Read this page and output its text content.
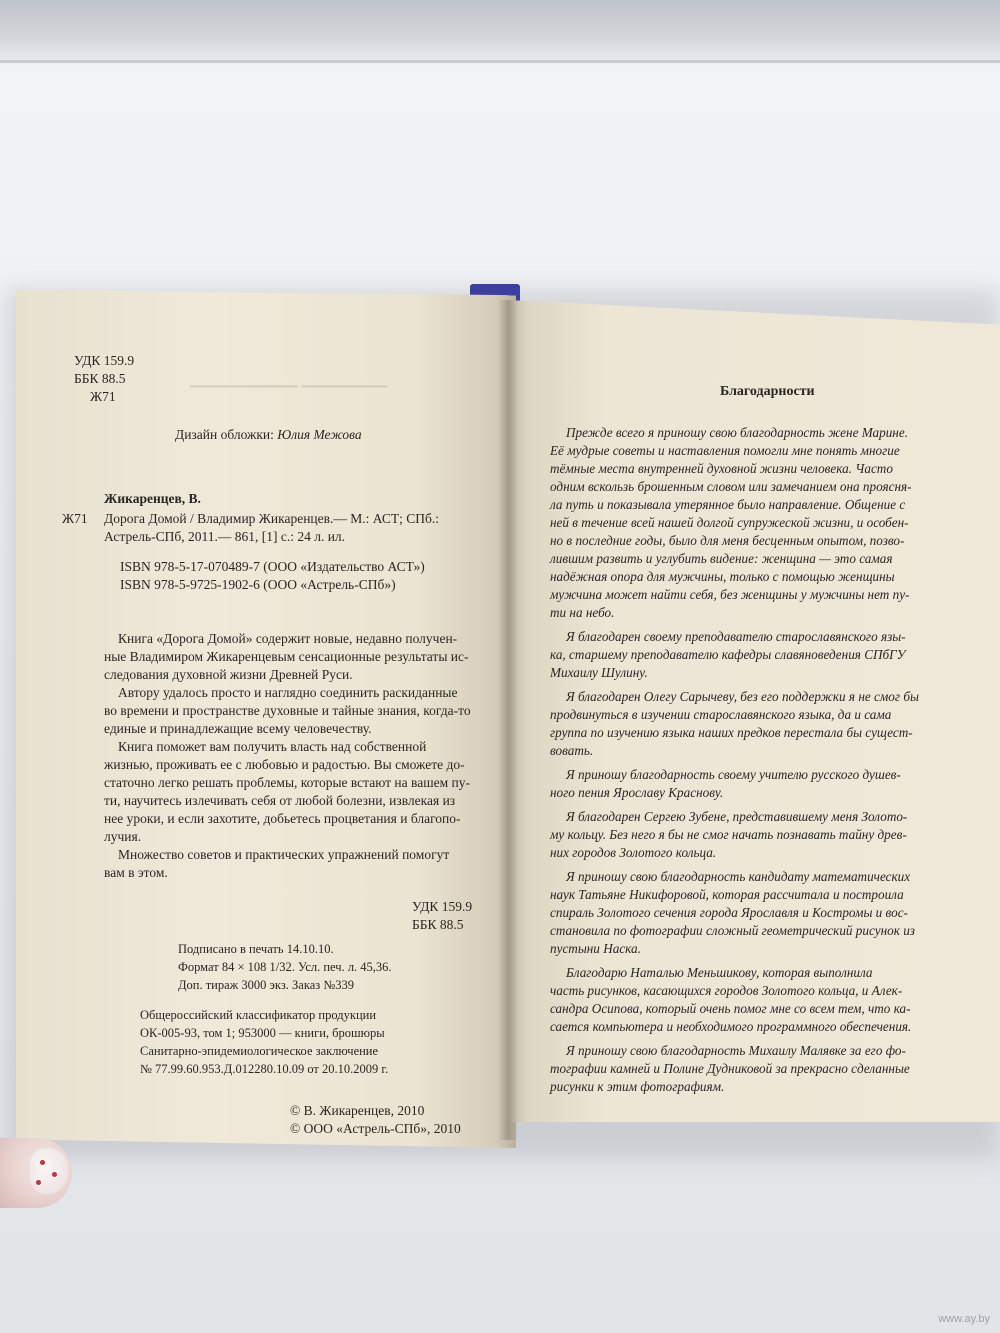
▁▁▁▁▁▁▁▁ ▁▁▁▁▁▁▁▁▁▁
УДК 159.9
ББК 88.5
Ж71
Дизайн обложки: Юлия Межова
Жикаренцев, В.
Ж71 Дорога Домой / Владимир Жикаренцев.— М.: АСТ; СПб.:
Астрель-СПб, 2011.— 861, [1] с.: 24 л. ил.
ISBN 978-5-17-070489-7 (ООО «Издательство АСТ»)
ISBN 978-5-9725-1902-6 (ООО «Астрель-СПб»)
Книга «Дорога Домой» содержит новые, недавно получен-
ные Владимиром Жикаренцевым сенсационные результаты ис-
следования духовной жизни Древней Руси.
Автору удалось просто и наглядно соединить раскиданные
во времени и пространстве духовные и тайные знания, когда-то
единые и принадлежащие всему человечеству.
Книга поможет вам получить власть над собственной
жизнью, проживать ее с любовью и радостью. Вы сможете до-
статочно легко решать проблемы, которые встают на вашем пу-
ти, научитесь излечивать себя от любой болезни, извлекая из
нее уроки, и если захотите, добьетесь процветания и благопо-
лучия.
Множество советов и практических упражнений помогут
вам в этом.
УДК 159.9
ББК 88.5
Подписано в печать 14.10.10.
Формат 84 × 108 1/32. Усл. печ. л. 45,36.
Доп. тираж 3000 экз. Заказ №339
Общероссийский классификатор продукции
ОК-005-93, том 1; 953000 — книги, брошюры
Санитарно-эпидемиологическое заключение
№ 77.99.60.953.Д.012280.10.09 от 20.10.2009 г.
© В. Жикаренцев, 2010
© ООО «Астрель-СПб», 2010
Благодарности
Прежде всего я приношу свою благодарность жене Марине.
Её мудрые советы и наставления помогли мне понять многие
тёмные места внутренней духовной жизни человека. Часто
одним вскользь брошенным словом или замечанием она проясня-
ла путь и показывала утерянное было направление. Общение с
ней в течение всей нашей долгой супружеской жизни, и особен-
но в последние годы, было для меня бесценным опытом, позво-
лившим развить и углубить видение: женщина — это самая
надёжная опора для мужчины, только с помощью женщины
мужчина может найти себя, без женщины у мужчины нет пу-
ти на небо.
Я благодарен своему преподавателю старославянского язы-
ка, старшему преподавателю кафедры славяноведения СПбГУ
Михаилу Шулину.
Я благодарен Олегу Сарычеву, без его поддержки я не смог бы
продвинуться в изучении старославянского языка, да и сама
группа по изучению языка наших предков перестала бы сущест-
вовать.
Я приношу благодарность своему учителю русского душев-
ного пения Ярославу Краснову.
Я благодарен Сергею Зубене, представившему меня Золото-
му кольцу. Без него я бы не смог начать познавать тайну древ-
них городов Золотого кольца.
Я приношу свою благодарность кандидату математических
наук Татьяне Никифоровой, которая рассчитала и построила
спираль Золотого сечения города Ярославля и Костромы и вос-
становила по фотографии сложный геометрический рисунок из
пустыни Наска.
Благодарю Наталью Меньшикову, которая выполнила
часть рисунков, касающихся городов Золотого кольца, и Алек-
сандра Осипова, который очень помог мне со всем тем, что ка-
сается компьютера и необходимого программного обеспечения.
Я приношу свою благодарность Михаилу Малявке за его фо-
тографии камней и Полине Дудниковой за прекрасно сделанные
рисунки к этим фотографиям.
www.ay.by
